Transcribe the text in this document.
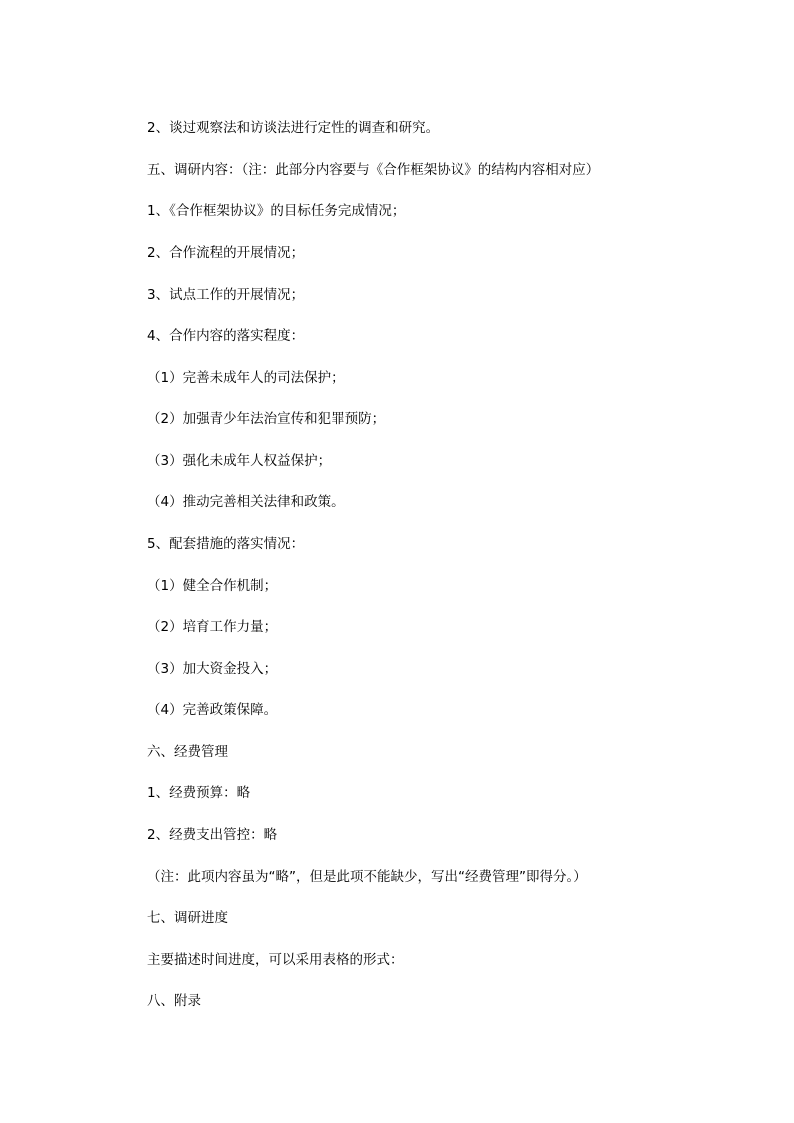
2、谈过观察法和访谈法进行定性的调查和研究。
五、调研内容：（注：此部分内容要与《合作框架协议》的结构内容相对应）
1、《合作框架协议》的目标任务完成情况；
2、合作流程的开展情况；
3、试点工作的开展情况；
4、合作内容的落实程度：
（1）完善未成年人的司法保护；
（2）加强青少年法治宣传和犯罪预防；
（3）强化未成年人权益保护；
（4）推动完善相关法律和政策。
5、配套措施的落实情况：
（1）健全合作机制；
（2）培育工作力量；
（3）加大资金投入；
（4）完善政策保障。
六、经费管理
1、经费预算：略
2、经费支出管控：略
（注：此项内容虽为“略”，但是此项不能缺少，写出“经费管理”即得分。）
七、调研进度
主要描述时间进度，可以采用表格的形式：
八、附录
